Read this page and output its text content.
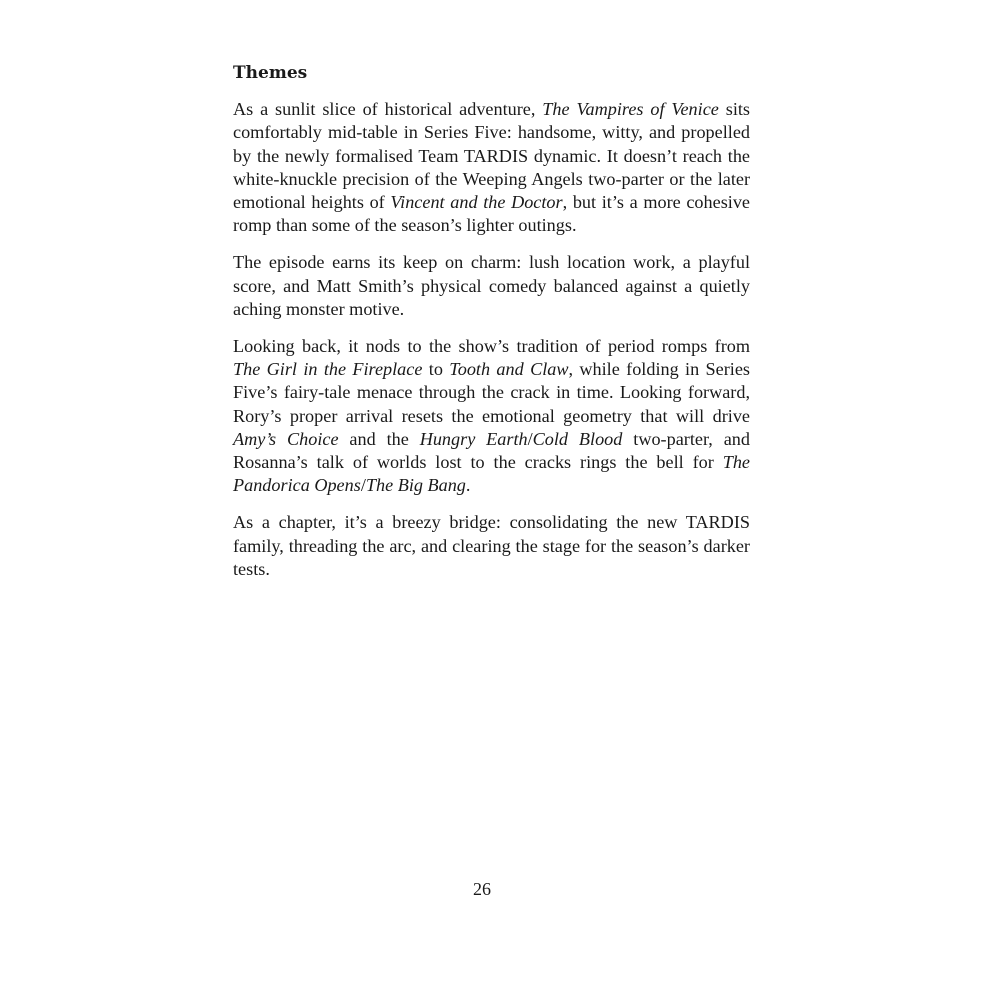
Themes

As a sunlit slice of historical adventure, The Vampires of Venice sits comfortably mid-table in Series Five: handsome, witty, and propelled by the newly formalised Team TARDIS dynamic. It doesn’t reach the white-knuckle precision of the Weeping Angels two-parter or the later emotional heights of Vincent and the Doctor, but it’s a more cohesive romp than some of the season’s lighter outings.

The episode earns its keep on charm: lush location work, a playful score, and Matt Smith’s physical comedy balanced against a quietly aching monster motive.

Looking back, it nods to the show’s tradition of period romps from The Girl in the Fireplace to Tooth and Claw, while folding in Series Five’s fairy-tale menace through the crack in time. Looking forward, Rory’s proper arrival resets the emotional geometry that will drive Amy’s Choice and the Hungry Earth/Cold Blood two-parter, and Rosanna’s talk of worlds lost to the cracks rings the bell for The Pandorica Opens/The Big Bang.

As a chapter, it’s a breezy bridge: consolidating the new TARDIS family, threading the arc, and clearing the stage for the season’s darker tests.

26
